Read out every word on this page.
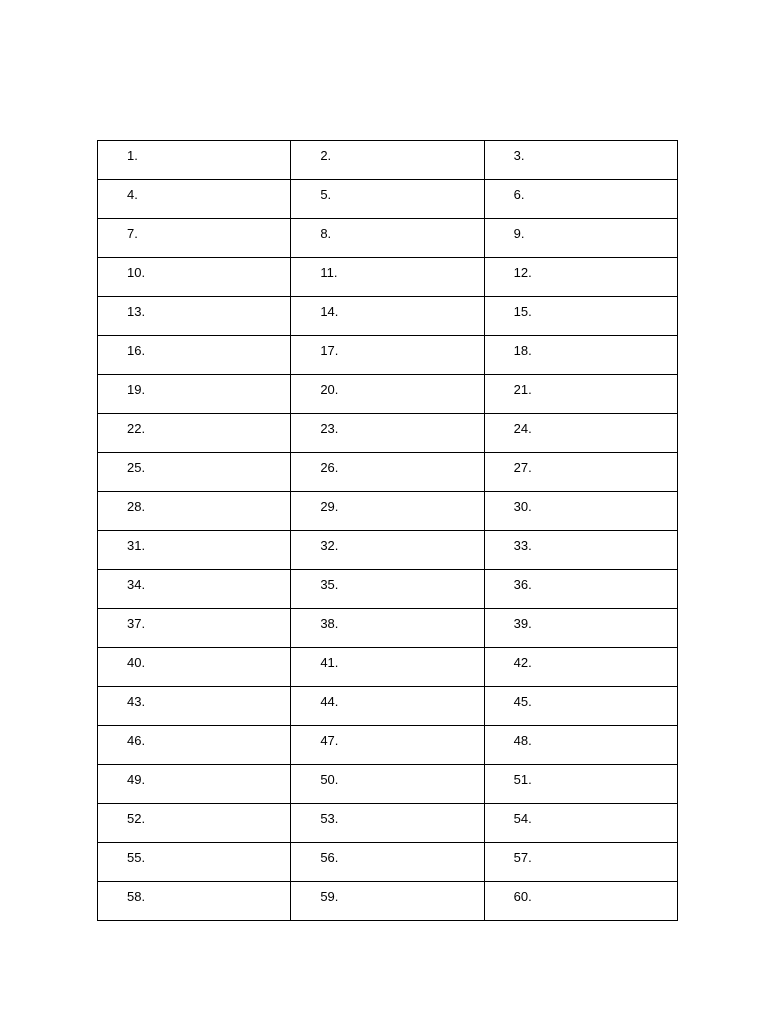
1.	2.	3.

4.	5.	6.

7.	8.	9.

10.	11.	12.

13.	14.	15.

16.	17.	18.

19.	20.	21.

22.	23.	24.

25.	26.	27.

28.	29.	30.

31.	32.	33.

34.	35.	36.

37.	38.	39.

40.	41.	42.

43.	44.	45.

46.	47.	48.

49.	50.	51.

52.	53.	54.

55.	56.	57.

58.	59.	60.
